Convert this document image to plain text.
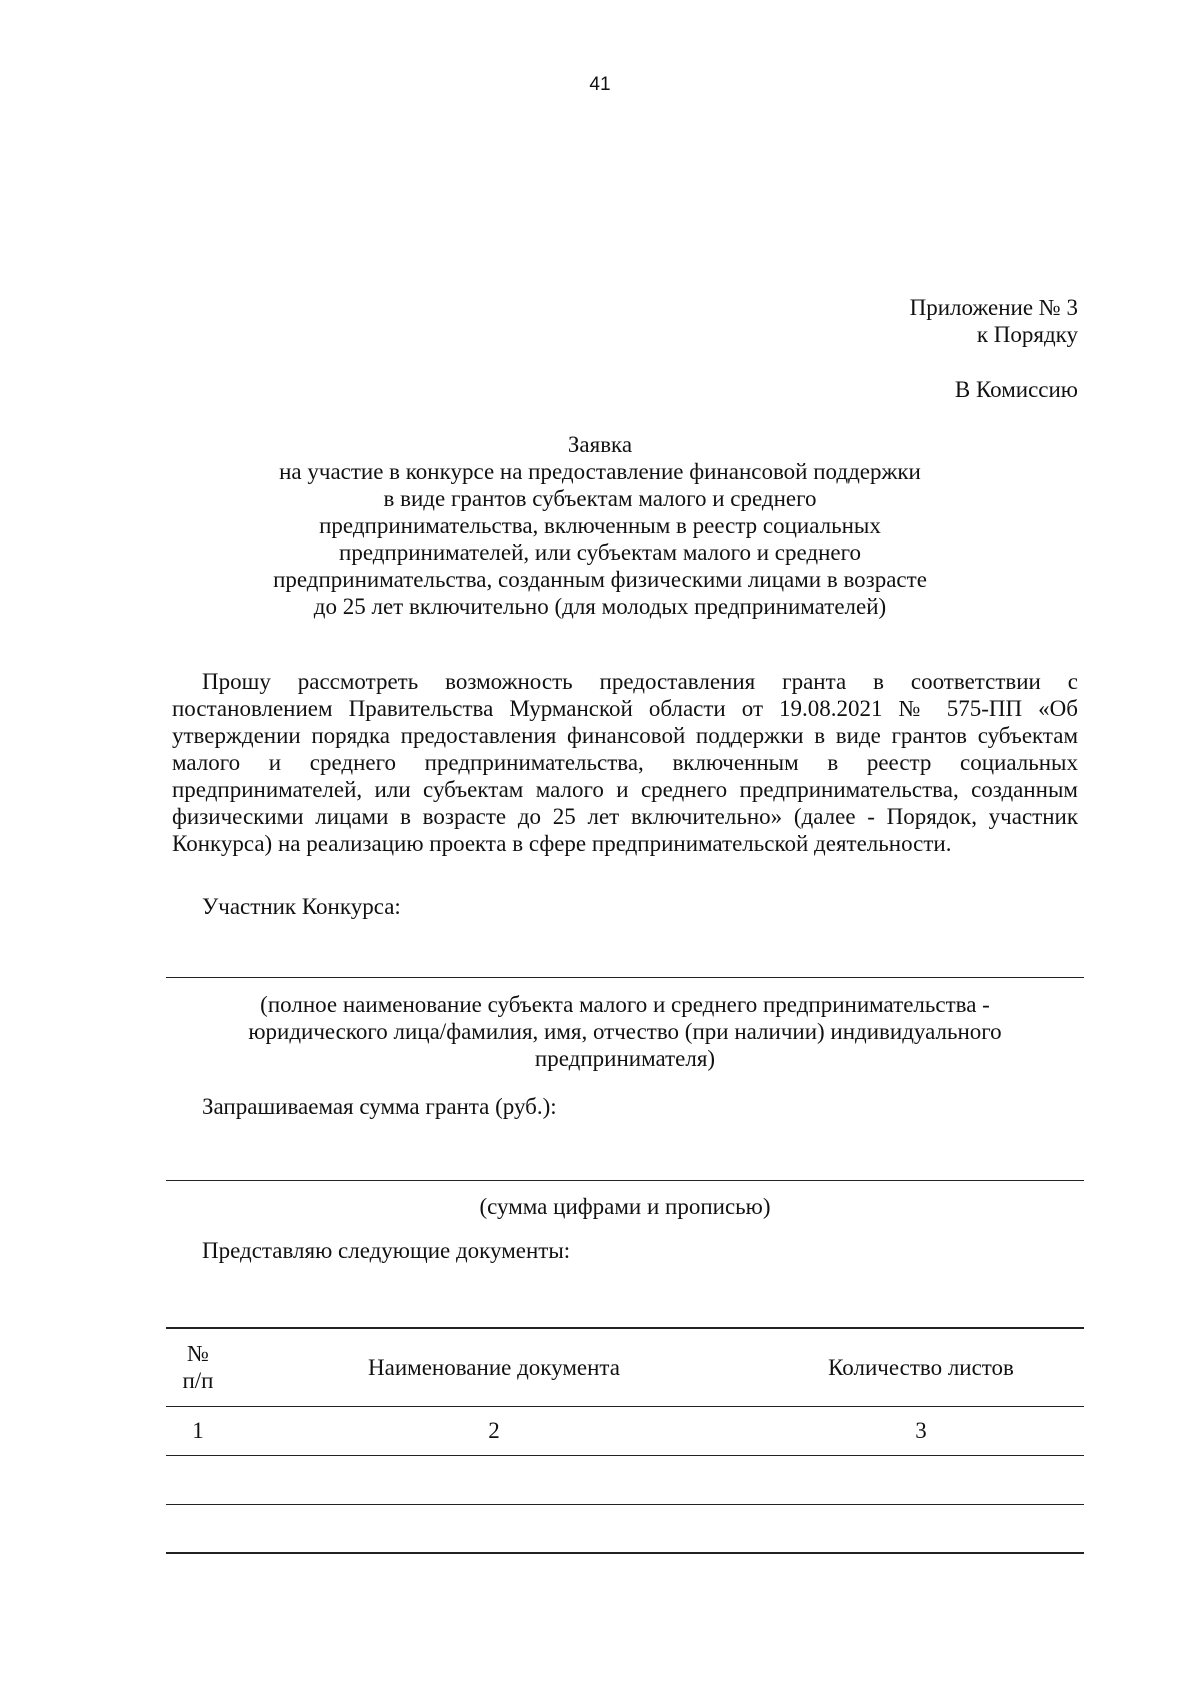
41
Приложение № 3
к Порядку
В Комиссию
Заявка
на участие в конкурсе на предоставление финансовой поддержки
в виде грантов субъектам малого и среднего
предпринимательства, включенным в реестр социальных
предпринимателей, или субъектам малого и среднего
предпринимательства, созданным физическими лицами в возрасте
до 25 лет включительно (для молодых предпринимателей)

Прошу рассмотреть возможность предоставления гранта в соответствии с постановлением Правительства Мурманской области от 19.08.2021 № 575-ПП «Об утверждении порядка предоставления финансовой поддержки в виде грантов субъектам малого и среднего предпринимательства, включенным в реестр социальных предпринимателей, или субъектам малого и среднего предпринимательства, созданным физическими лицами в возрасте до 25 лет включительно» (далее - Порядок, участник Конкурса) на реализацию проекта в сфере предпринимательской деятельности.

Участник Конкурса:
(полное наименование субъекта малого и среднего предпринимательства -
юридического лица/фамилия, имя, отчество (при наличии) индивидуального
предпринимателя)
Запрашиваемая сумма гранта (руб.):
(сумма цифрами и прописью)
Представляю следующие документы:
№
п/п	Наименование документа	Количество листов
1	2	3
